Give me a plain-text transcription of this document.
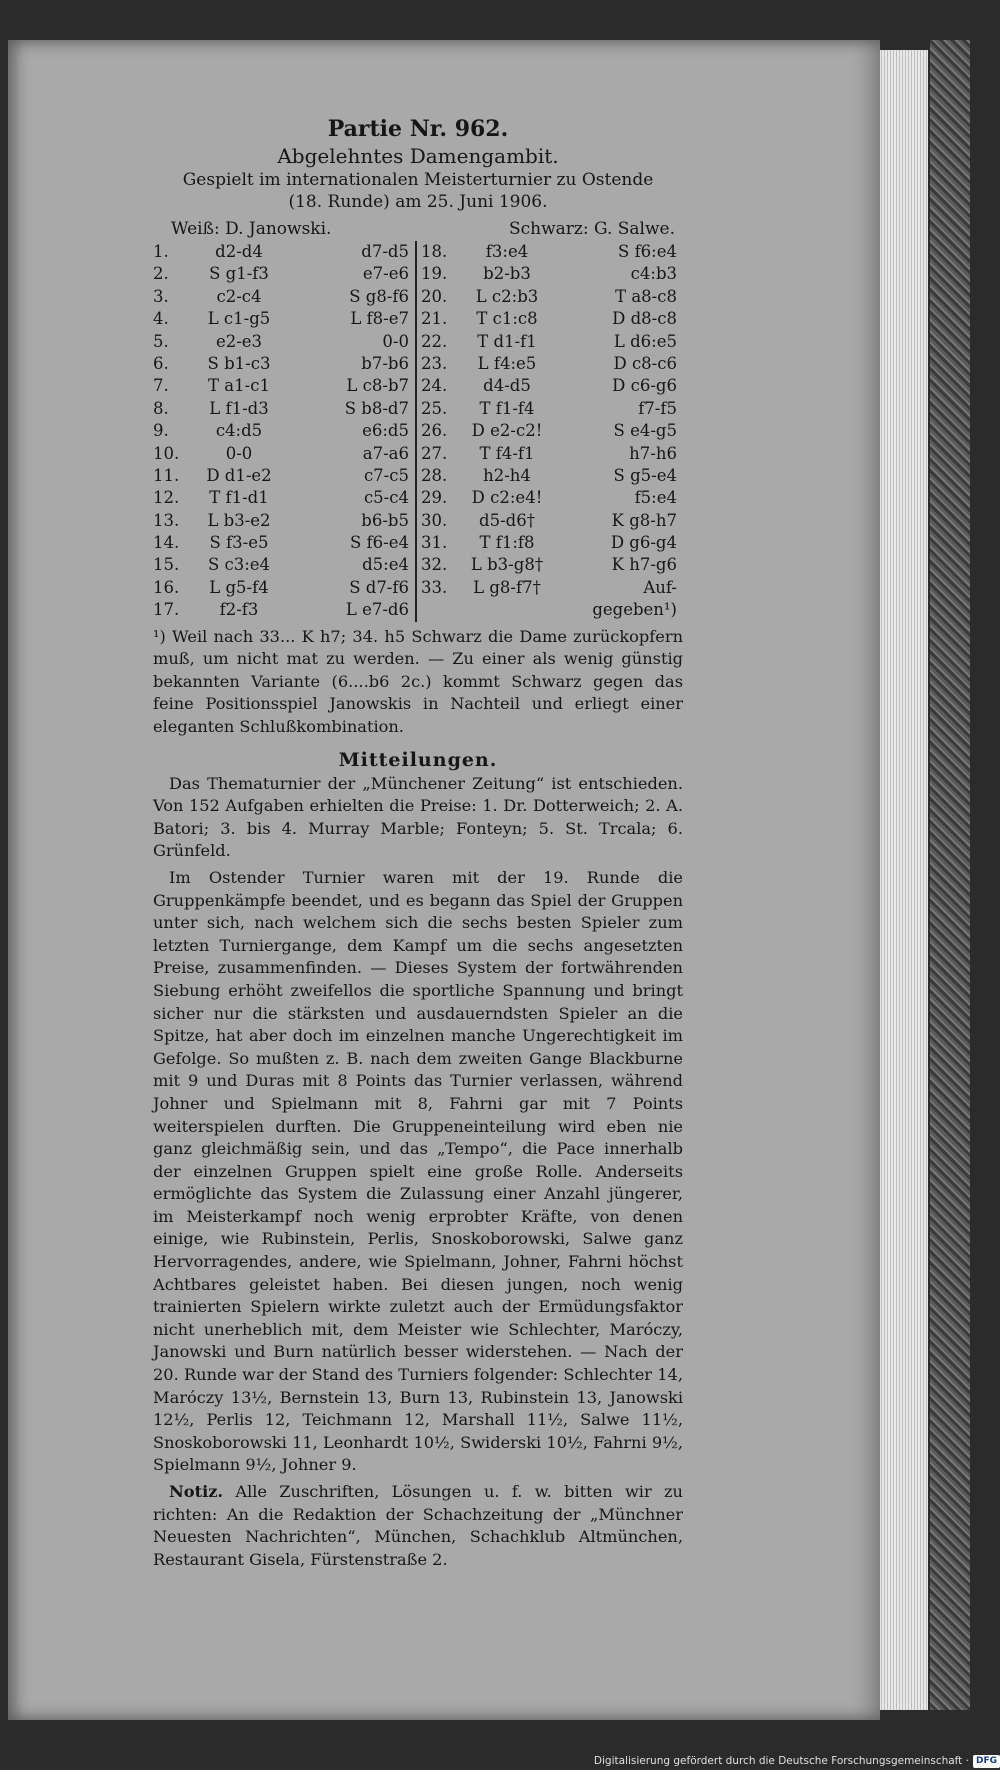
Partie Nr. 962.
Abgelehntes Damengambit.
Gespielt im internationalen Meisterturnier zu Ostende
(18. Runde) am 25. Juni 1906.
Weiß: D. Janowski.	Schwarz: G. Salwe.
1.	d2-d4	d7-d5
2.	S g1-f3	e7-e6
3.	c2-c4	S g8-f6
4.	L c1-g5	L f8-e7
5.	e2-e3	0-0
6.	S b1-c3	b7-b6
7.	T a1-c1	L c8-b7
8.	L f1-d3	S b8-d7
9.	c4:d5	e6:d5
10.	0-0	a7-a6
11.	D d1-e2	c7-c5
12.	T f1-d1	c5-c4
13.	L b3-e2	b6-b5
14.	S f3-e5	S f6-e4
15.	S c3:e4	d5:e4
16.	L g5-f4	S d7-f6
17.	f2-f3	L e7-d6
18.	f3:e4	S f6:e4
19.	b2-b3	c4:b3
20.	L c2:b3	T a8-c8
21.	T c1:c8	D d8-c8
22.	T d1-f1	L d6:e5
23.	L f4:e5	D c8-c6
24.	d4-d5	D c6-g6
25.	T f1-f4	f7-f5
26.	D e2-c2!	S e4-g5
27.	T f4-f1	h7-h6
28.	h2-h4	S g5-e4
29.	D c2:e4!	f5:e4
30.	d5-d6†	K g8-h7
31.	T f1:f8	D g6-g4
32.	L b3-g8†	K h7-g6
33.	L g8-f7†	Auf-
gegeben¹)

¹) Weil nach 33... K h7; 34. h5 Schwarz die Dame zurückopfern muß, um nicht mat zu werden. — Zu einer als wenig günstig bekannten Variante (6....b6 2c.) kommt Schwarz gegen das feine Positionsspiel Janowskis in Nachteil und erliegt einer eleganten Schlußkombination.

Mitteilungen.

Das Thematurnier der „Münchener Zeitung“ ist entschieden. Von 152 Aufgaben erhielten die Preise: 1. Dr. Dotterweich; 2. A. Batori; 3. bis 4. Murray Marble; Fonteyn; 5. St. Trcala; 6. Grünfeld.

Im Ostender Turnier waren mit der 19. Runde die Gruppenkämpfe beendet, und es begann das Spiel der Gruppen unter sich, nach welchem sich die sechs besten Spieler zum letzten Turniergange, dem Kampf um die sechs angesetzten Preise, zusammenfinden. — Dieses System der fortwährenden Siebung erhöht zweifellos die sportliche Spannung und bringt sicher nur die stärksten und ausdauerndsten Spieler an die Spitze, hat aber doch im einzelnen manche Ungerechtigkeit im Gefolge. So mußten z. B. nach dem zweiten Gange Blackburne mit 9 und Duras mit 8 Points das Turnier verlassen, während Johner und Spielmann mit 8, Fahrni gar mit 7 Points weiterspielen durften. Die Gruppeneinteilung wird eben nie ganz gleichmäßig sein, und das „Tempo“, die Pace innerhalb der einzelnen Gruppen spielt eine große Rolle. Anderseits ermöglichte das System die Zulassung einer Anzahl jüngerer, im Meisterkampf noch wenig erprobter Kräfte, von denen einige, wie Rubinstein, Perlis, Snoskoborowski, Salwe ganz Hervorragendes, andere, wie Spielmann, Johner, Fahrni höchst Achtbares geleistet haben. Bei diesen jungen, noch wenig trainierten Spielern wirkte zuletzt auch der Ermüdungsfaktor nicht unerheblich mit, dem Meister wie Schlechter, Maróczy, Janowski und Burn natürlich besser widerstehen. — Nach der 20. Runde war der Stand des Turniers folgender: Schlechter 14, Maróczy 13½, Bernstein 13, Burn 13, Rubinstein 13, Janowski 12½, Perlis 12, Teichmann 12, Marshall 11½, Salwe 11½, Snoskoborowski 11, Leonhardt 10½, Swiderski 10½, Fahrni 9½, Spielmann 9½, Johner 9.

Notiz. Alle Zuschriften, Lösungen u. f. w. bitten wir zu richten: An die Redaktion der Schachzeitung der „Münchner Neuesten Nachrichten“, München, Schachklub Altmünchen, Restaurant Gisela, Fürstenstraße 2.

Digitalisierung gefördert durch die Deutsche Forschungsgemeinschaft · DFG
